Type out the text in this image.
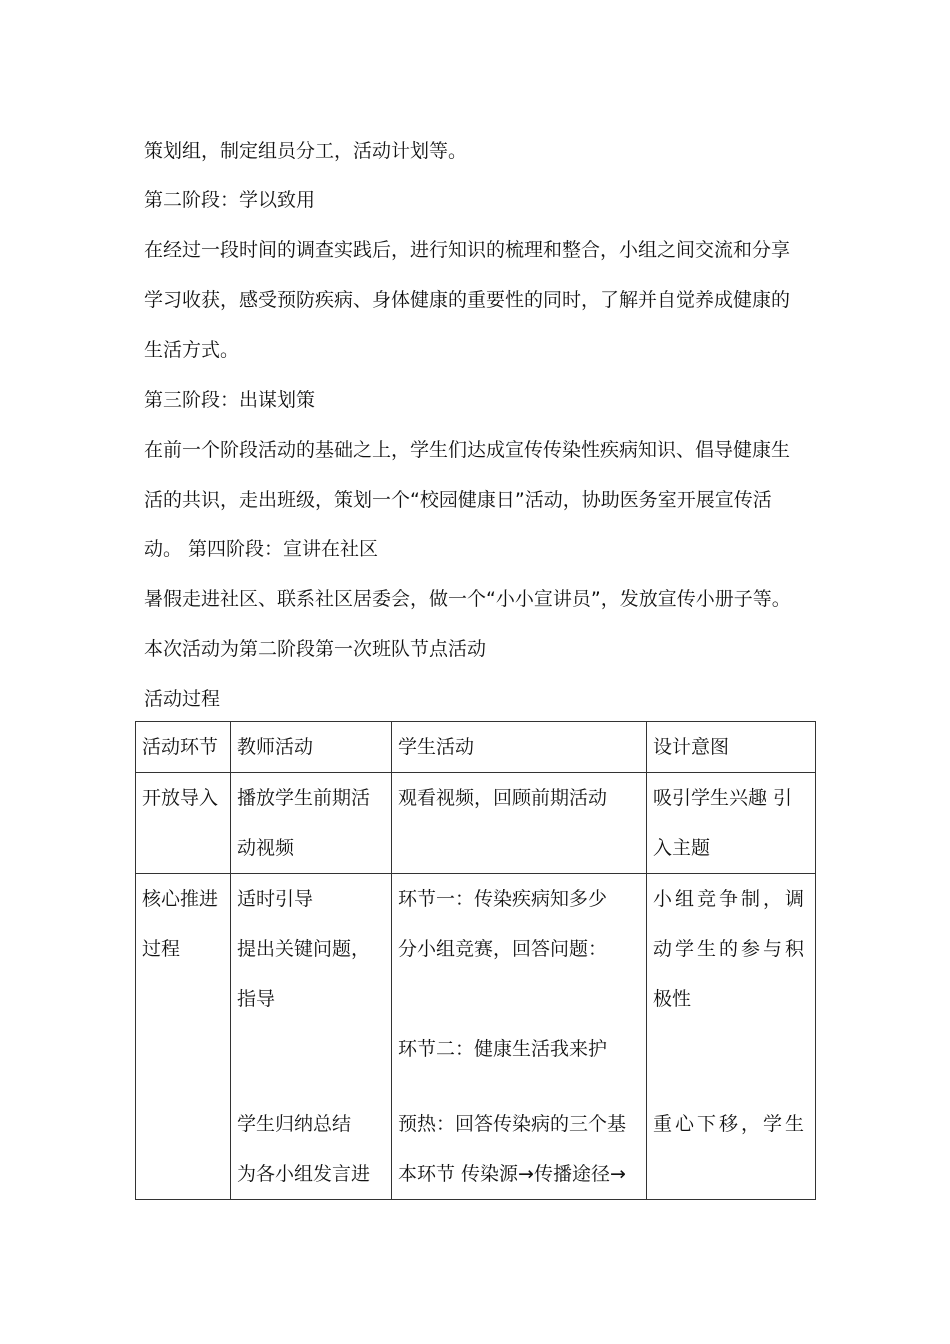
策划组，制定组员分工，活动计划等。
第二阶段：学以致用
在经过一段时间的调查实践后，进行知识的梳理和整合，小组之间交流和分享
学习收获，感受预防疾病、身体健康的重要性的同时，了解并自觉养成健康的
生活方式。
第三阶段：出谋划策
在前一个阶段活动的基础之上，学生们达成宣传传染性疾病知识、倡导健康生
活的共识，走出班级，策划一个“校园健康日”活动，协助医务室开展宣传活
动。 第四阶段：宣讲在社区
暑假走进社区、联系社区居委会，做一个“小小宣讲员”，发放宣传小册子等。
本次活动为第二阶段第一次班队节点活动
活动过程
活动环节	教师活动	学生活动	设计意图

开放导入	播放学生前期活
动视频	观看视频，回顾前期活动	吸引学生兴趣 引
入主题

核心推进
过程	适时引导
提出关键问题，
指导
学生归纳总结
为各小组发言进	环节一：传染疾病知多少
分小组竞赛，回答问题：
环节二：健康生活我来护
预热：回答传染病的三个基
本环节 传染源→传播途径→	小组竞争制，调
动学生的参与积
极性
重心下移，学生
